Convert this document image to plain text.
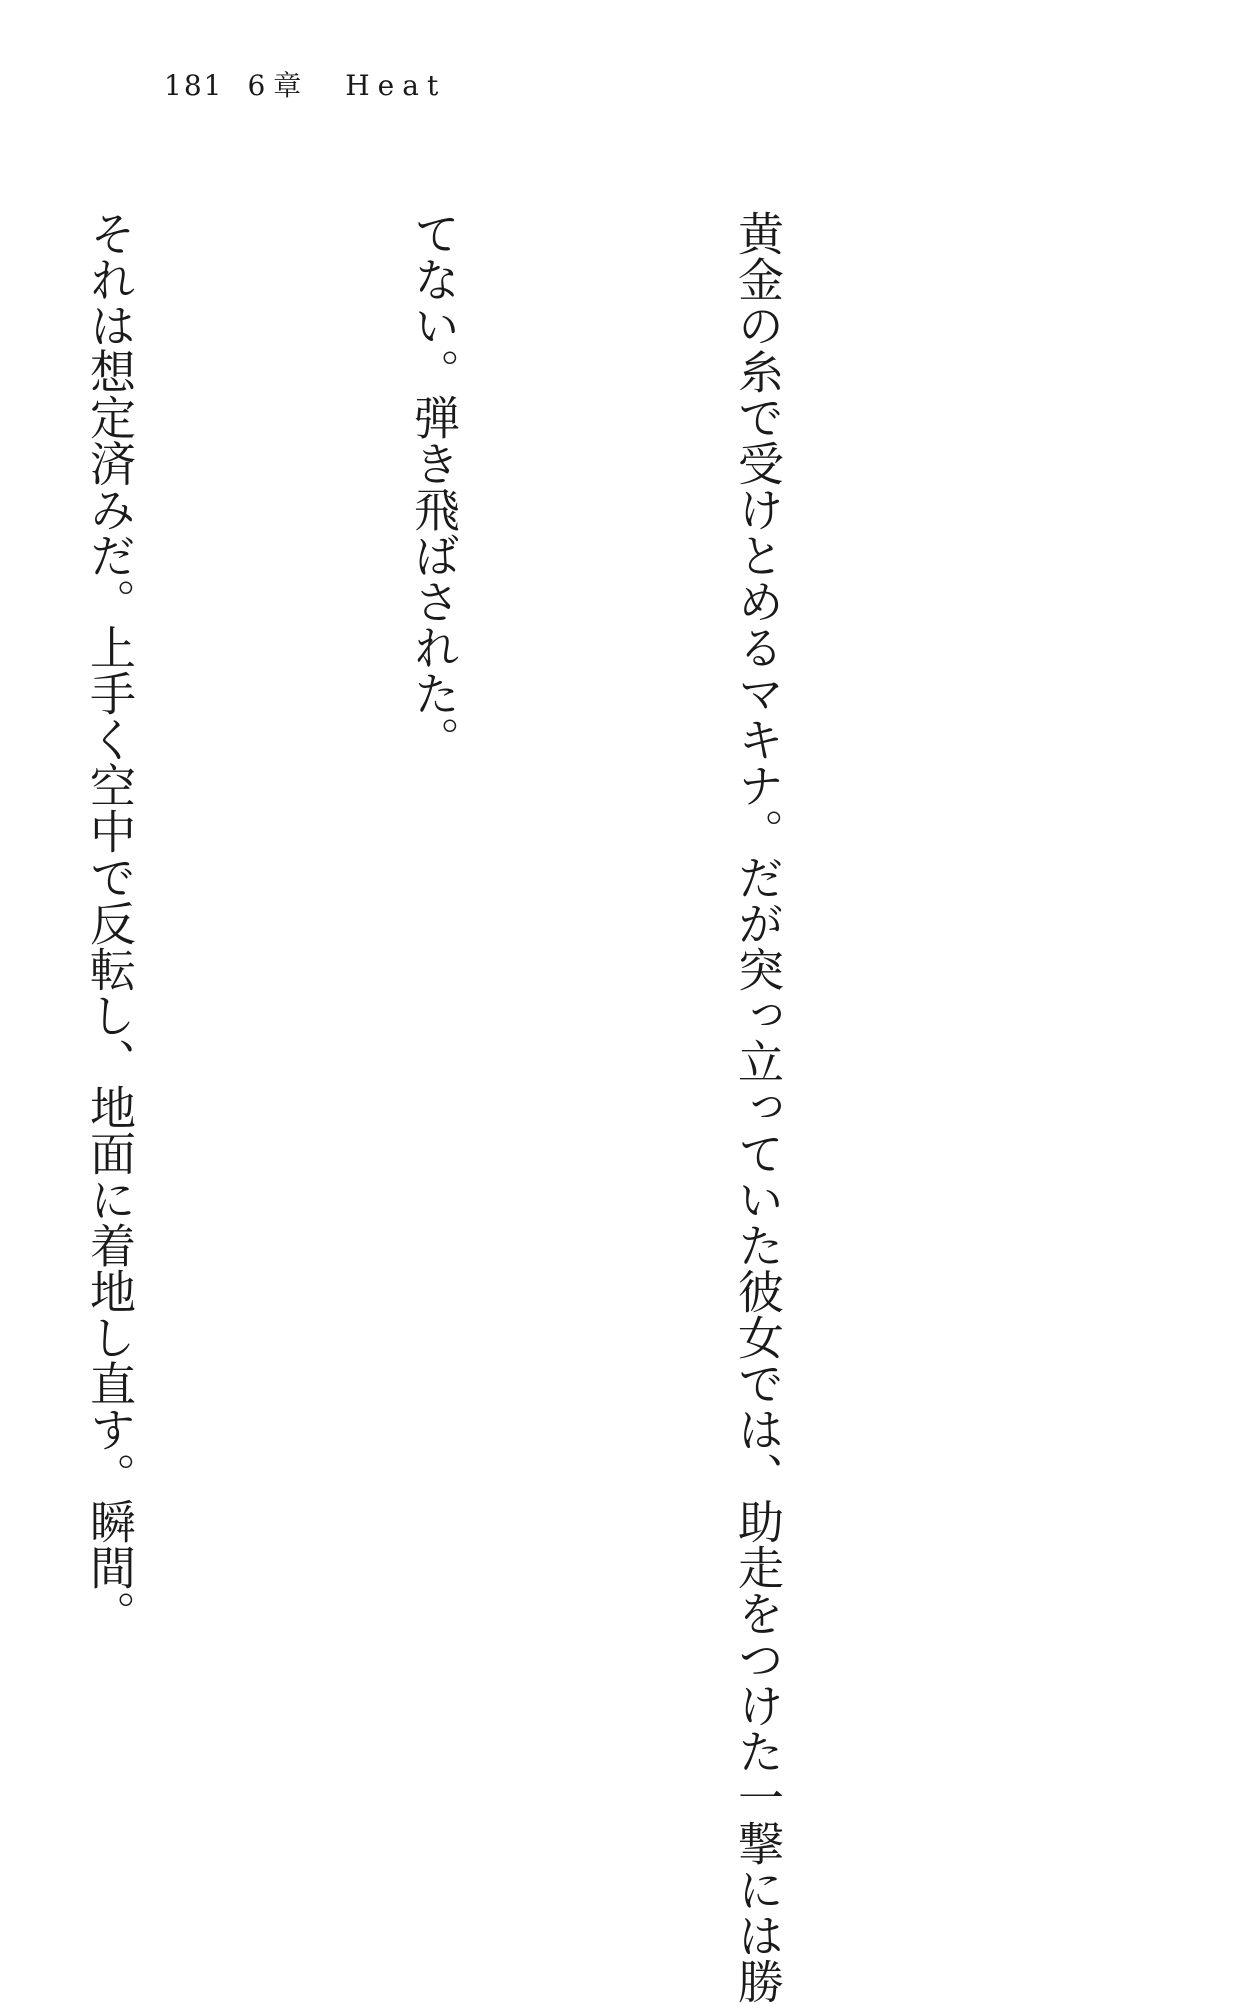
181 6章　Heat

黄金の糸で受けとめるマキナ。だが突っ立っていた彼女では、助走をつけた一撃には勝

てない。弾き飛ばされた。

それは想定済みだ。上手く空中で反転し、地面に着地し直す。瞬間。
